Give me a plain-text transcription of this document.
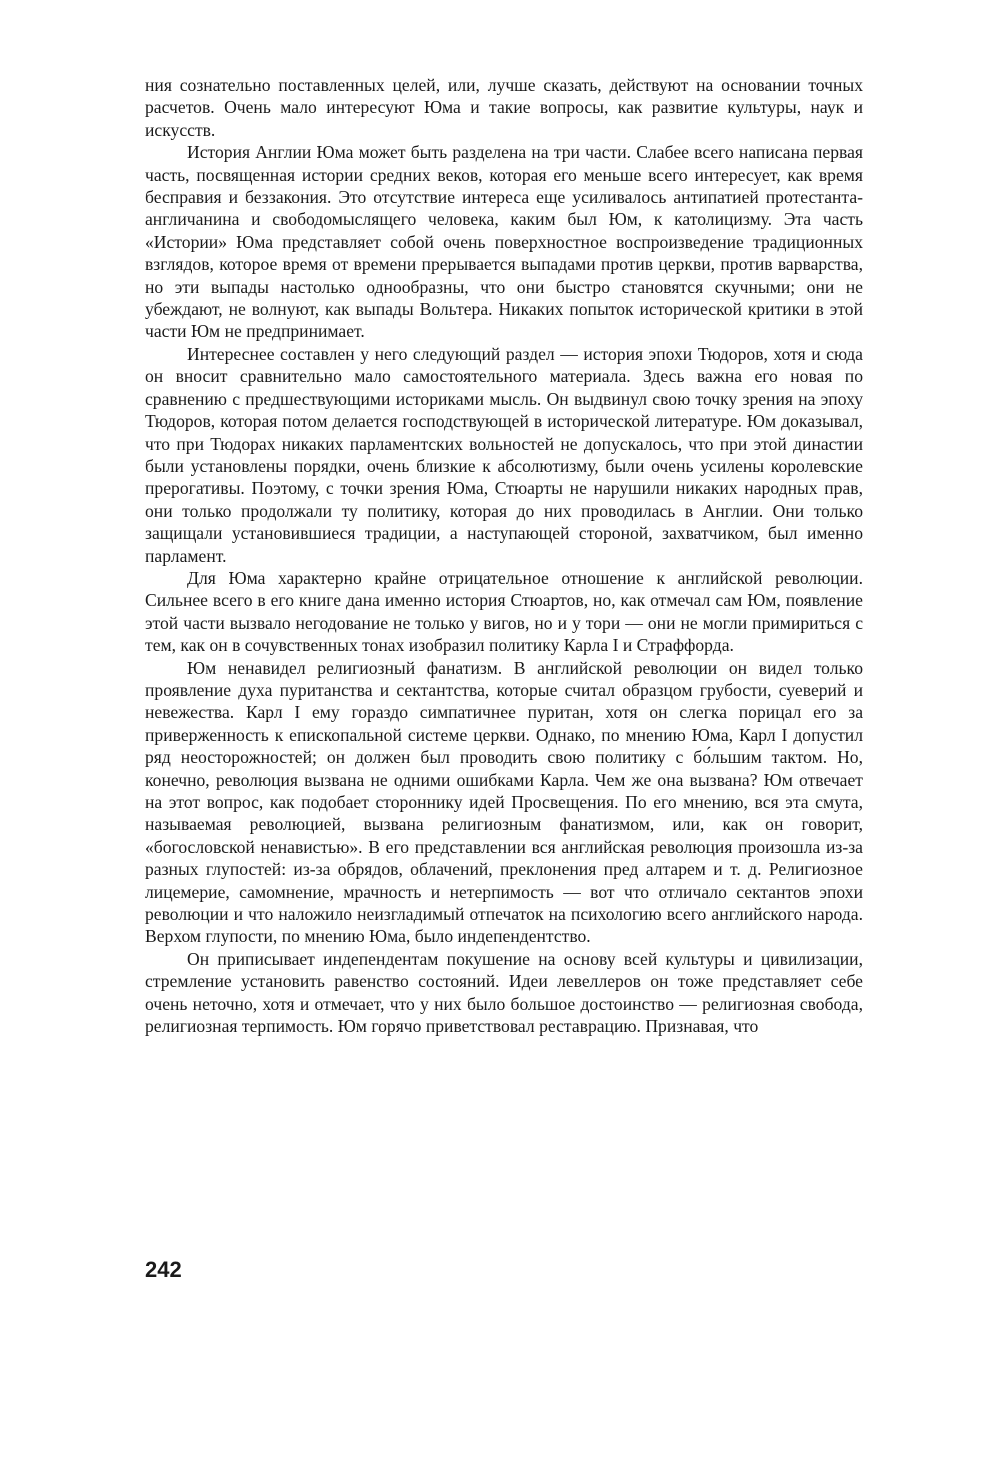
ния сознательно поставленных целей, или, лучше сказать, действуют на основании точных расчетов. Очень мало интересуют Юма и такие вопросы, как развитие культуры, наук и искусств.

История Англии Юма может быть разделена на три части. Слабее всего написана первая часть, посвященная истории средних веков, которая его меньше всего интересует, как время бесправия и беззакония. Это отсутствие интереса еще усиливалось антипатией протестанта-англичанина и свободомыслящего человека, каким был Юм, к католицизму. Эта часть «Истории» Юма представляет собой очень поверхностное воспроизведение традиционных взглядов, которое время от времени прерывается выпадами против церкви, против варварства, но эти выпады настолько однообразны, что они быстро становятся скучными; они не убеждают, не волнуют, как выпады Вольтера. Никаких попыток исторической критики в этой части Юм не предпринимает.

Интереснее составлен у него следующий раздел — история эпохи Тюдоров, хотя и сюда он вносит сравнительно мало самостоятельного материала. Здесь важна его новая по сравнению с предшествующими историками мысль. Он выдвинул свою точку зрения на эпоху Тюдоров, которая потом делается господствующей в исторической литературе. Юм доказывал, что при Тюдорах никаких парламентских вольностей не допускалось, что при этой династии были установлены порядки, очень близкие к абсолютизму, были очень усилены королевские прерогативы. Поэтому, с точки зрения Юма, Стюарты не нарушили никаких народных прав, они только продолжали ту политику, которая до них проводилась в Англии. Они только защищали установившиеся традиции, а наступающей стороной, захватчиком, был именно парламент.

Для Юма характерно крайне отрицательное отношение к английской революции. Сильнее всего в его книге дана именно история Стюартов, но, как отмечал сам Юм, появление этой части вызвало негодование не только у вигов, но и у тори — они не могли примириться с тем, как он в сочувственных тонах изобразил политику Карла I и Страффорда.

Юм ненавидел религиозный фанатизм. В английской революции он видел только проявление духа пуританства и сектантства, которые считал образцом грубости, суеверий и невежества. Карл I ему гораздо симпатичнее пуритан, хотя он слегка порицал его за приверженность к епископальной системе церкви. Однако, по мнению Юма, Карл I допустил ряд неосторожностей; он должен был проводить свою политику с бо́льшим тактом. Но, конечно, революция вызвана не одними ошибками Карла. Чем же она вызвана? Юм отвечает на этот вопрос, как подобает стороннику идей Просвещения. По его мнению, вся эта смута, называемая революцией, вызвана религиозным фанатизмом, или, как он говорит, «богословской ненавистью». В его представлении вся английская революция произошла из-за разных глупостей: из-за обрядов, облачений, преклонения пред алтарем и т. д. Религиозное лицемерие, самомнение, мрачность и нетерпимость — вот что отличало сектантов эпохи революции и что наложило неизгладимый отпечаток на психологию всего английского народа. Верхом глупости, по мнению Юма, было индепендентство.

Он приписывает индепендентам покушение на основу всей культуры и цивилизации, стремление установить равенство состояний. Идеи левеллеров он тоже представляет себе очень неточно, хотя и отмечает, что у них было большое достоинство — религиозная свобода, религиозная терпимость. Юм горячо приветствовал реставрацию. Признавая, что

242
